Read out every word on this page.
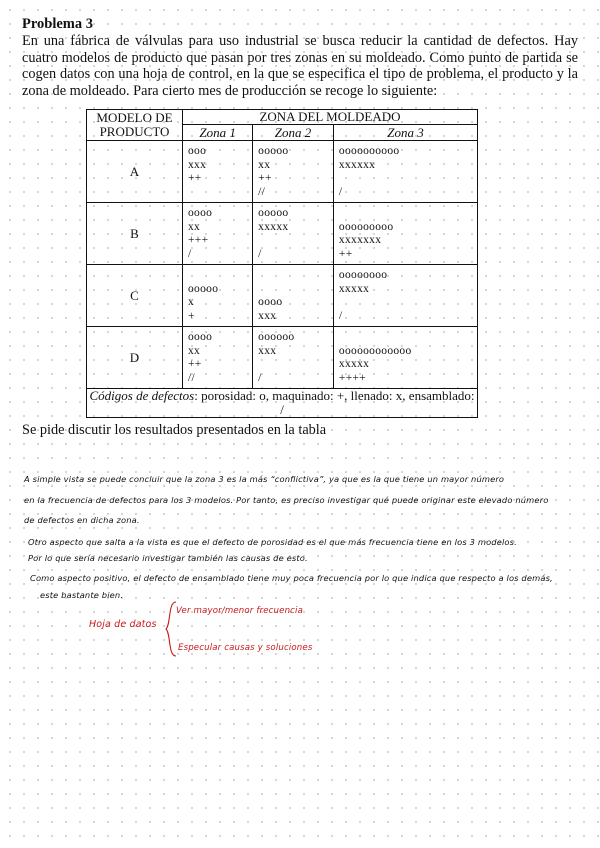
Problema 3

En una fábrica de válvulas para uso industrial se busca reducir la cantidad de defectos. Hay cuatro modelos de producto que pasan por tres zonas en su moldeado. Como punto de partida se cogen datos con una hoja de control, en la que se especifica el tipo de problema, el producto y la zona de moldeado. Para cierto mes de producción se recoge lo siguiente:

MODELO DE
PRODUCTO	ZONA DEL MOLDEADO		
	Zona 1	Zona 2	Zona 3
A	ooo
xxx
++	ooooo
xx
++
//	oooooooooo
xxxxxx
/

B	oooo
xx
+++
/	ooooo
xxxxx
/	ooooooooo
xxxxxxx
++

C	ooooo
x
+	oooo
xxx	oooooooo
xxxxx
/

D	oooo
xx
++
//	oooooo
xxx
/	oooooooooooo
xxxxx
++++

Códigos de defectos: porosidad: o, maquinado: +, llenado: x, ensamblado: /			
Se pide discutir los resultados presentados en la tabla
A simple vista se puede concluir que la zona 3 es la más “conflictiva”, ya que es la que tiene un mayor número
en la frecuencia de defectos para los 3 modelos. Por tanto, es preciso investigar qué puede originar este elevado número
de defectos en dicha zona.
Otro aspecto que salta a la vista es que el defecto de porosidad es el que más frecuencia tiene en los 3 modelos.
Por lo que sería necesario investigar también las causas de esto.
Como aspecto positivo, el defecto de ensamblado tiene muy poca frecuencia por lo que indica que respecto a los demás,
este bastante bien.
Hoja de datos
Ver mayor/menor frecuencia
Especular causas y soluciones
